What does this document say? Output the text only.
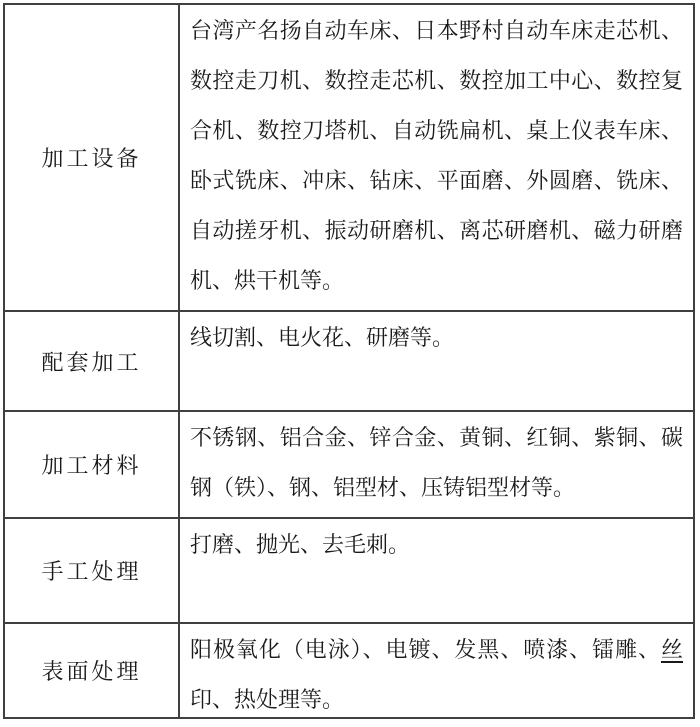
加工设备
台湾产名扬自动车床、日本野村自动车床走芯机、数控走刀机、数控走芯机、数控加工中心、数控复合机、数控刀塔机、自动铣扁机、桌上仪表车床、卧式铣床、冲床、钻床、平面磨、外圆磨、铣床、自动搓牙机、振动研磨机、离芯研磨机、磁力研磨机、烘干机等。
配套加工
线切割、电火花、研磨等。
加工材料
不锈钢、铝合金、锌合金、黄铜、红铜、紫铜、碳钢（铁）、钢、铝型材、压铸铝型材等。
手工处理
打磨、抛光、去毛刺。
表面处理
阳极氧化（电泳）、电镀、发黑、喷漆、镭雕、丝印、热处理等。
